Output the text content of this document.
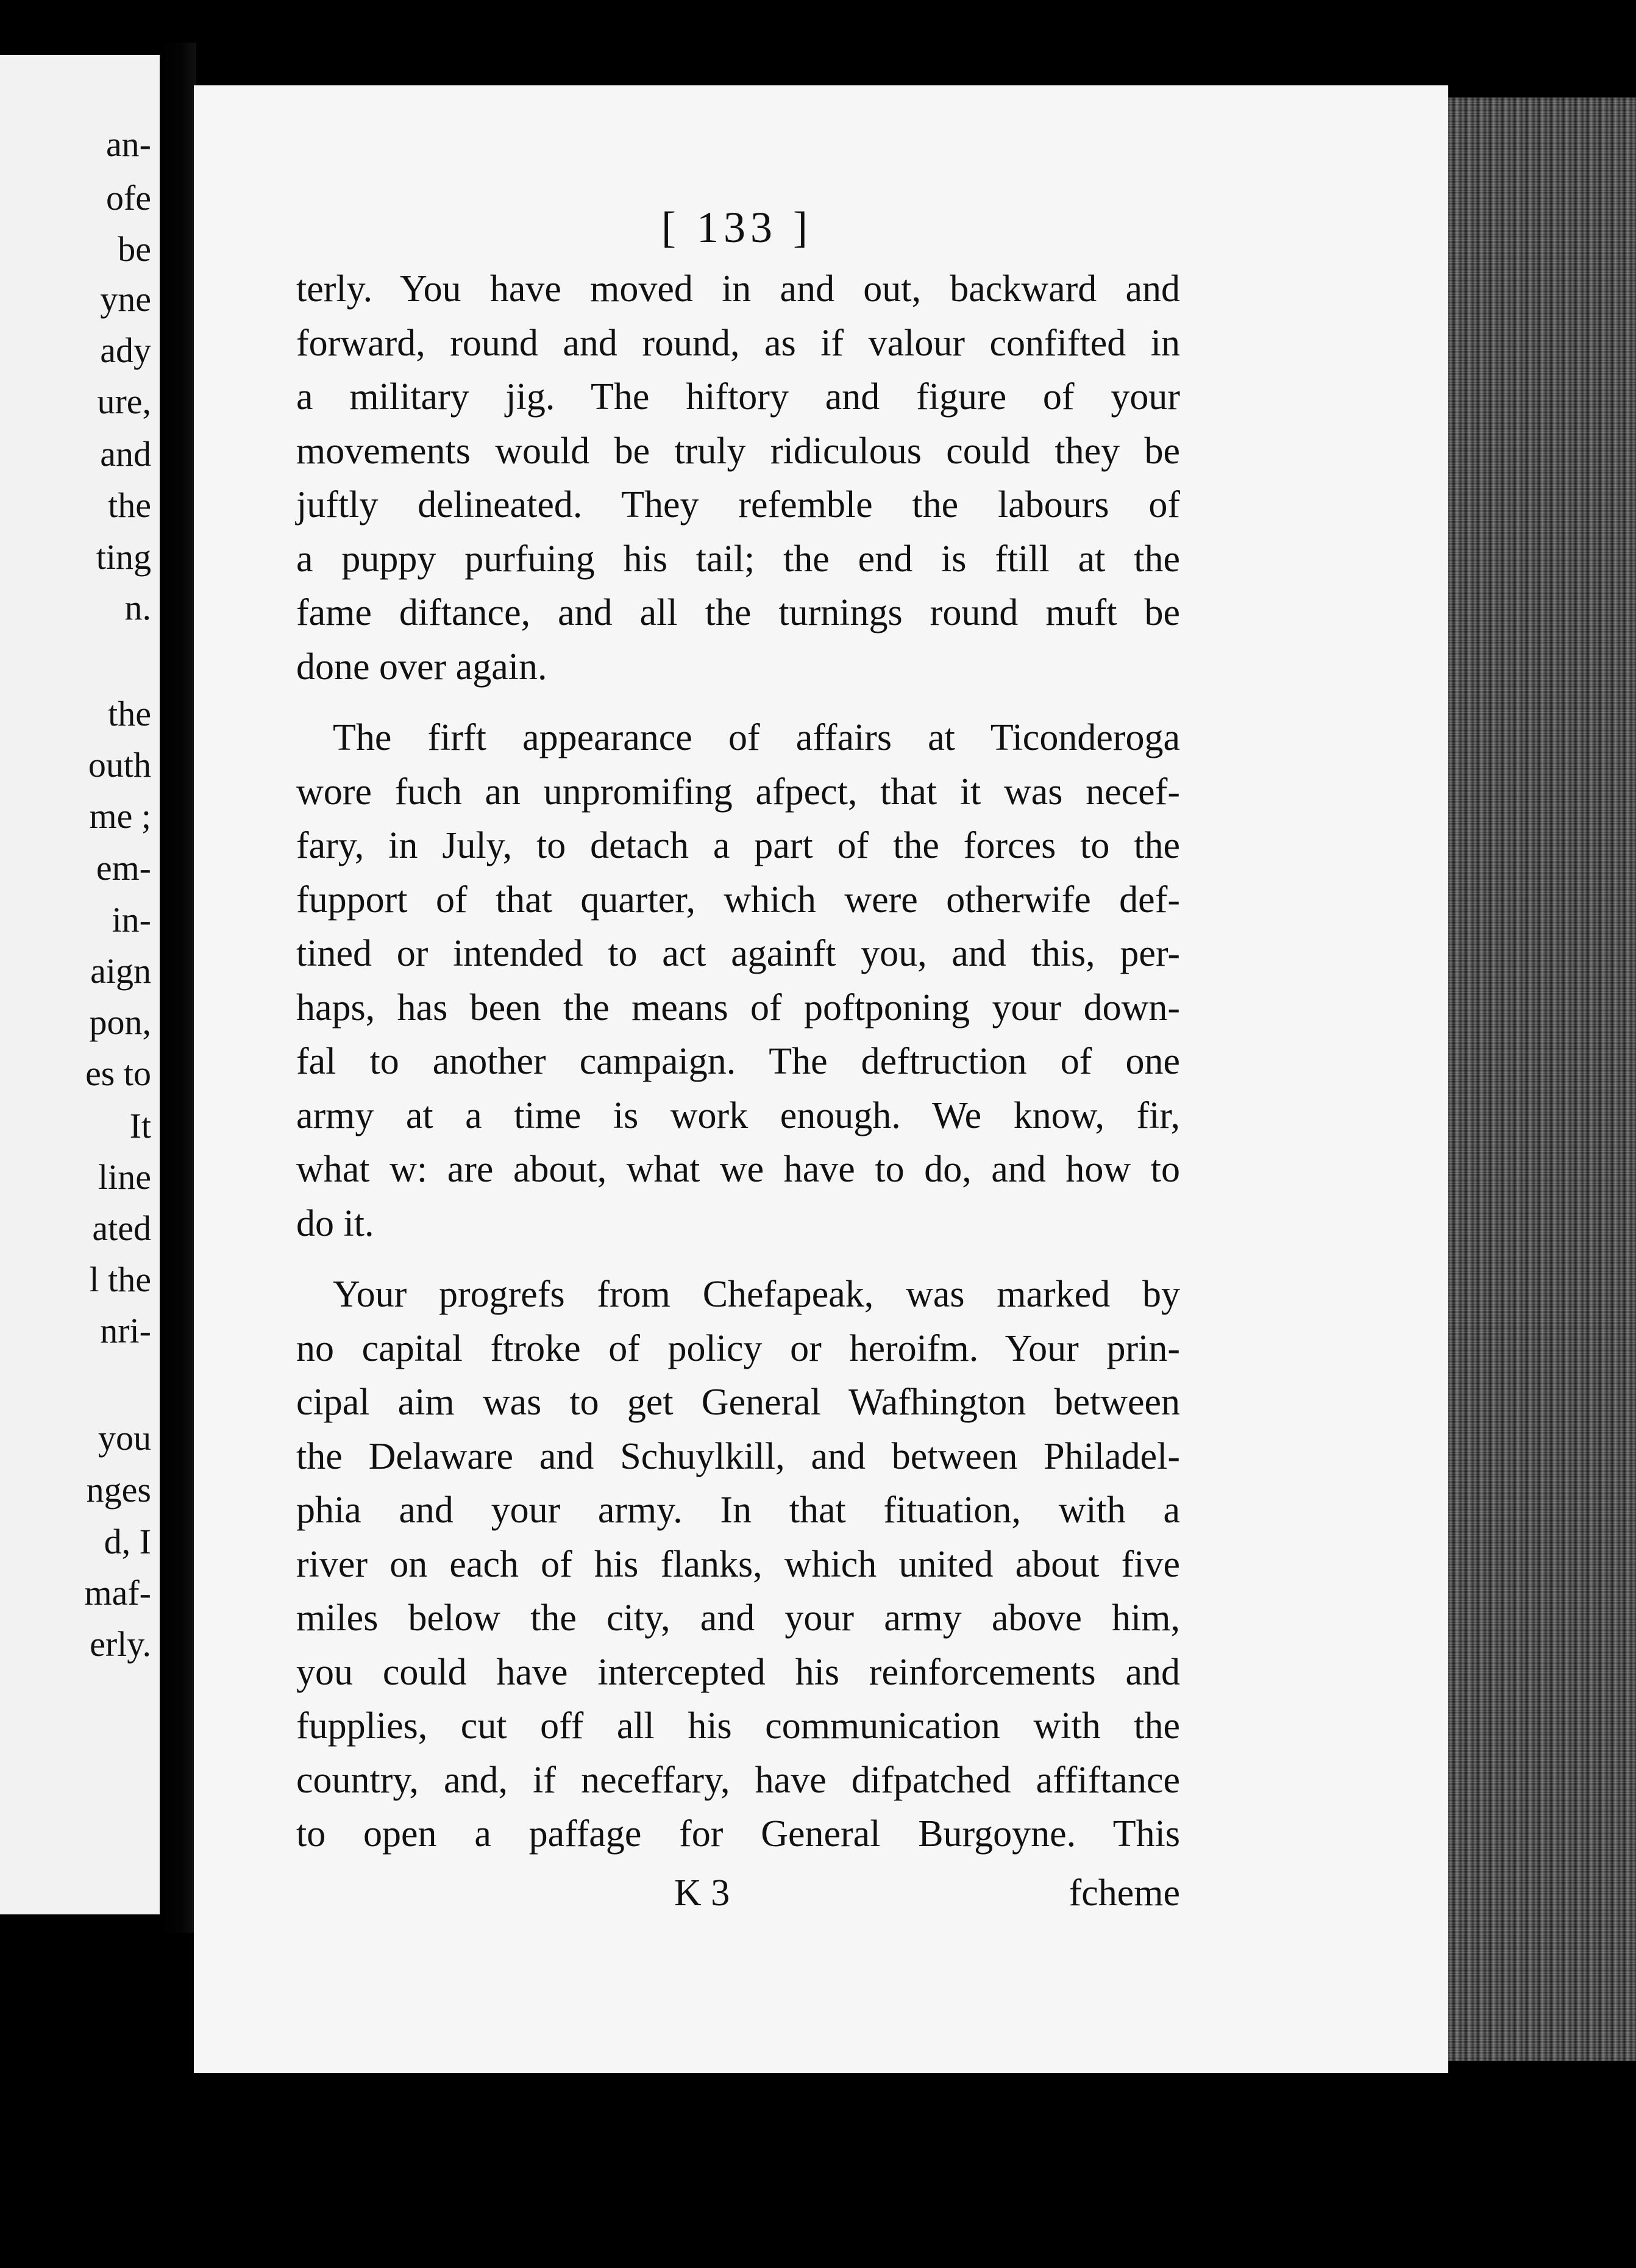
an-
ofe
be
yne
ady
ure,
and
the
ting
n.
the
outh
me ;
em-
in-
aign
pon,
es to
It
line
ated
l the
nri-
you
nges
d, I
maf-
erly.
[ 133 ]
terly. You have moved in and out, backward and
forward, round and round, as if valour confifted in
a military jig. The hiftory and figure of your
movements would be truly ridiculous could they be
juftly delineated. They refemble the labours of
a puppy purfuing his tail; the end is ftill at the
fame diftance, and all the turnings round muft be
done over again.
The firft appearance of affairs at Ticonderoga
wore fuch an unpromifing afpect, that it was necef-
fary, in July, to detach a part of the forces to the
fupport of that quarter, which were otherwife def-
tined or intended to act againft you, and this, per-
haps, has been the means of poftponing your down-
fal to another campaign. The deftruction of one
army at a time is work enough. We know, fir,
what w: are about, what we have to do, and how to
do it.
Your progrefs from Chefapeak, was marked by
no capital ftroke of policy or heroifm. Your prin-
cipal aim was to get General Wafhington between
the Delaware and Schuylkill, and between Philadel-
phia and your army. In that fituation, with a
river on each of his flanks, which united about five
miles below the city, and your army above him,
you could have intercepted his reinforcements and
fupplies, cut off all his communication with the
country, and, if neceffary, have difpatched affiftance
to open a paffage for General Burgoyne. This
K 3	fcheme
